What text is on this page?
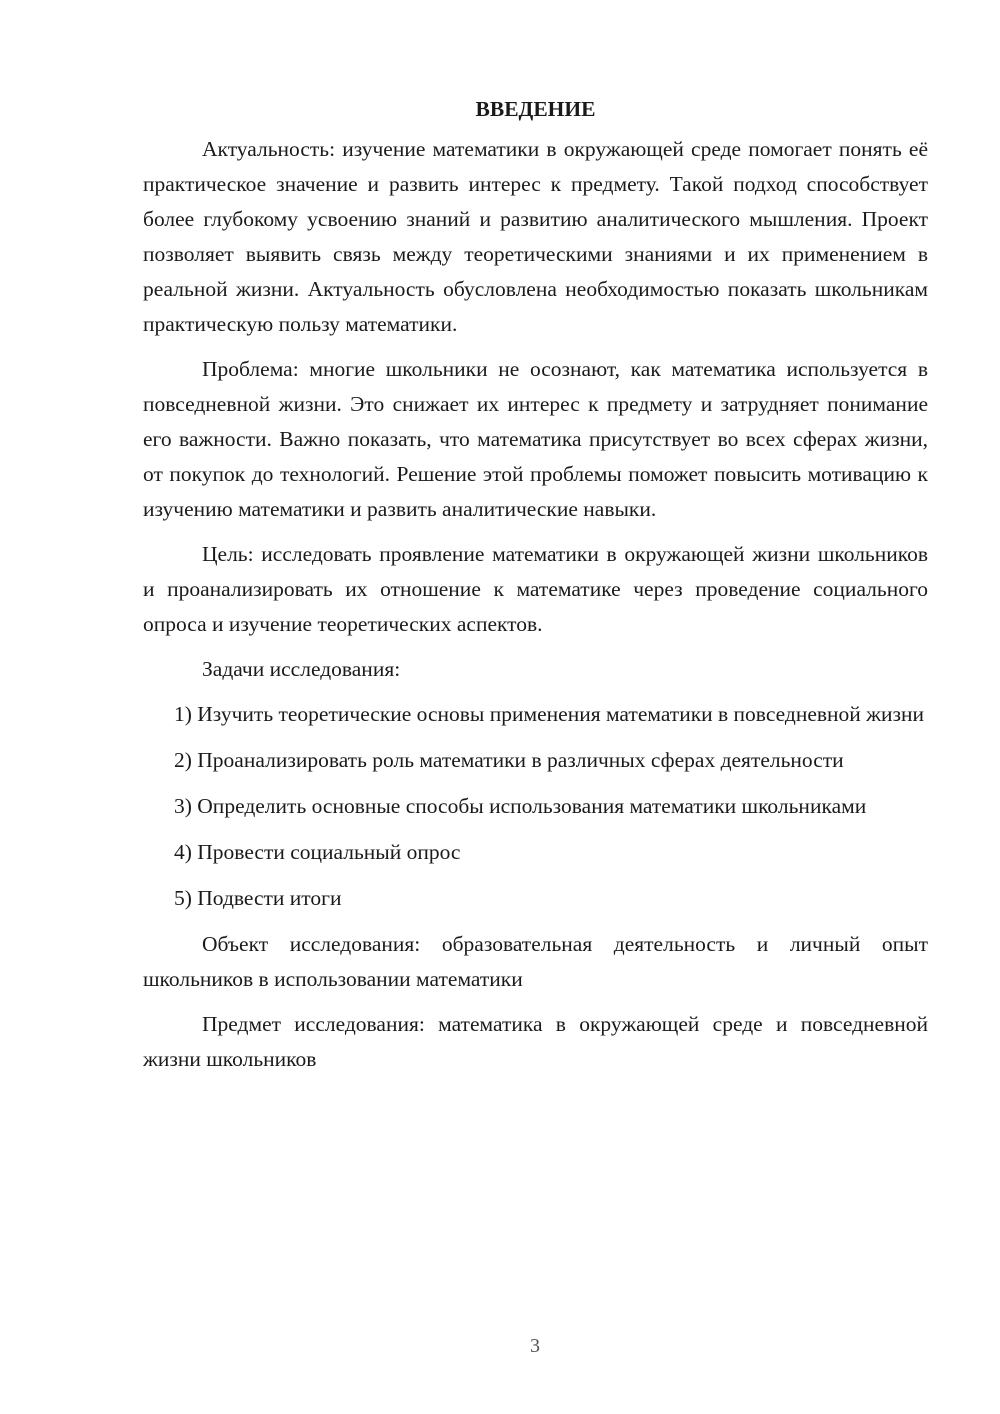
ВВЕДЕНИЕ

Актуальность: изучение математики в окружающей среде помогает понять её практическое значение и развить интерес к предмету. Такой подход способствует более глубокому усвоению знаний и развитию аналитического мышления. Проект позволяет выявить связь между теоретическими знаниями и их применением в реальной жизни. Актуальность обусловлена необходимостью показать школьникам практическую пользу математики.

Проблема: многие школьники не осознают, как математика используется в повседневной жизни. Это снижает их интерес к предмету и затрудняет понимание его важности. Важно показать, что математика присутствует во всех сферах жизни, от покупок до технологий. Решение этой проблемы поможет повысить мотивацию к изучению математики и развить аналитические навыки.

Цель: исследовать проявление математики в окружающей жизни школьников и проанализировать их отношение к математике через проведение социального опроса и изучение теоретических аспектов.

Задачи исследования:

1) Изучить теоретические основы применения математики в повседневной жизни

2) Проанализировать роль математики в различных сферах деятельности

3) Определить основные способы использования математики школьниками

4) Провести социальный опрос

5) Подвести итоги

Объект исследования: образовательная деятельность и личный опыт школьников в использовании математики

Предмет исследования: математика в окружающей среде и повседневной жизни школьников

3
